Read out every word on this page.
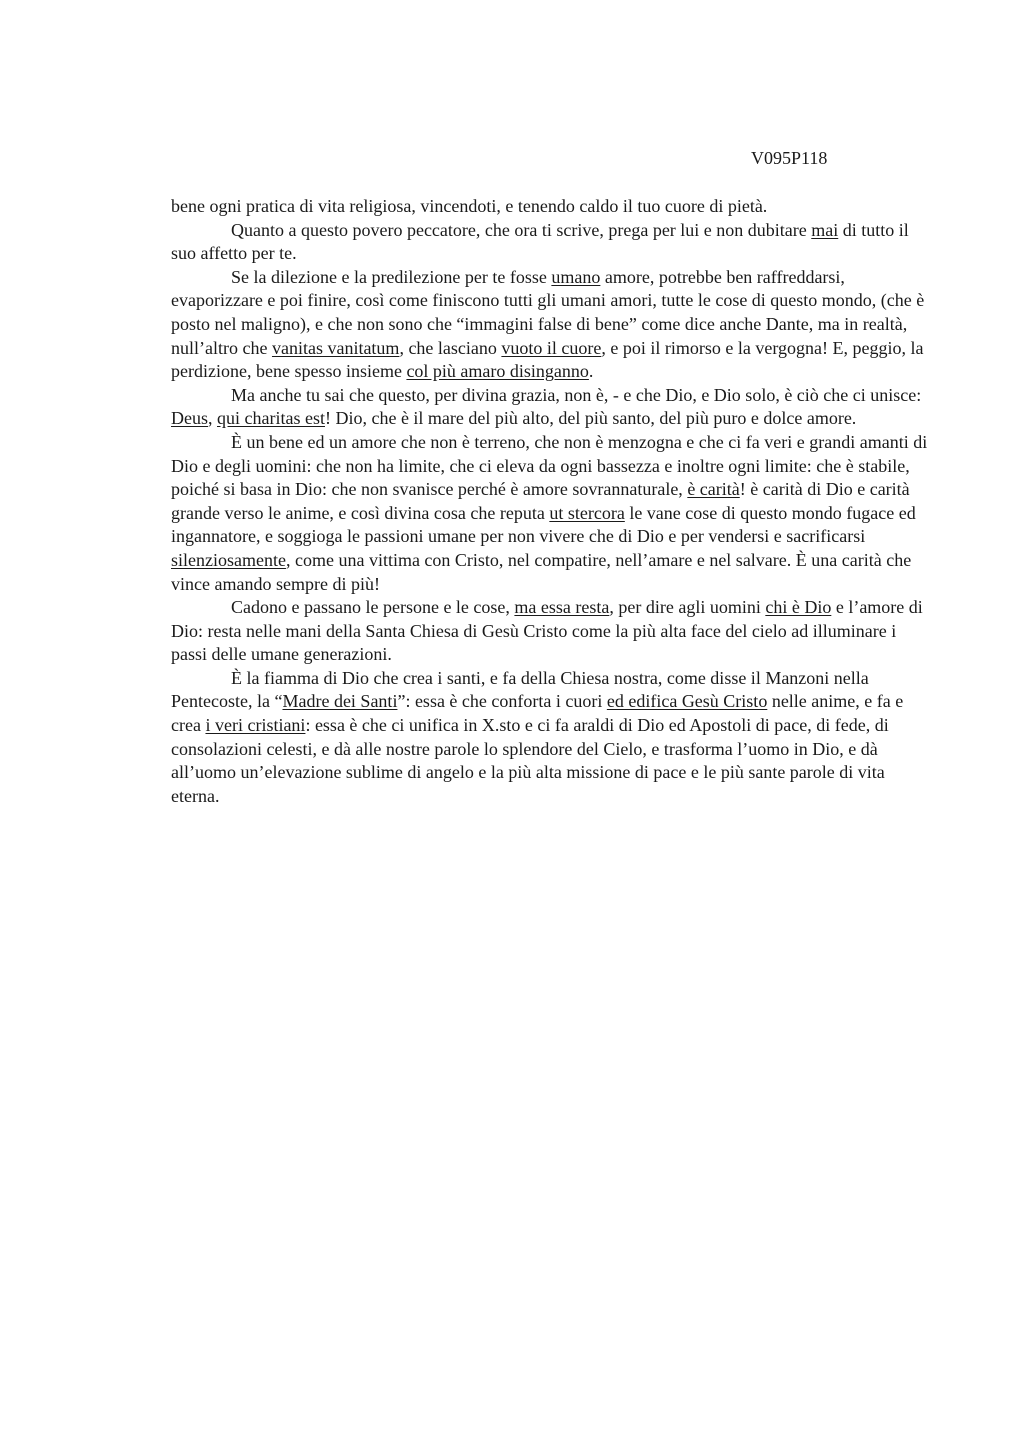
V095P118

bene ogni pratica di vita religiosa, vincendoti, e tenendo caldo il tuo cuore di pietà.

Quanto a questo povero peccatore, che ora ti scrive, prega per lui e non dubitare mai di tutto il suo affetto per te.

Se la dilezione e la predilezione per te fosse umano amore, potrebbe ben raffreddarsi, evaporizzare e poi finire, così come finiscono tutti gli umani amori, tutte le cose di questo mondo, (che è posto nel maligno), e che non sono che “immagini false di bene” come dice anche Dante, ma in realtà, null’altro che vanitas vanitatum, che lasciano vuoto il cuore, e poi il rimorso e la vergogna! E, peggio, la perdizione, bene spesso insieme col più amaro disinganno.

Ma anche tu sai che questo, per divina grazia, non è, - e che Dio, e Dio solo, è ciò che ci unisce: Deus, qui charitas est! Dio, che è il mare del più alto, del più santo, del più puro e dolce amore.

È un bene ed un amore che non è terreno, che non è menzogna e che ci fa veri e grandi amanti di Dio e degli uomini: che non ha limite, che ci eleva da ogni bassezza e inoltre ogni limite: che è stabile, poiché si basa in Dio: che non svanisce perché è amore sovrannaturale, è carità! è carità di Dio e carità grande verso le anime, e così divina cosa che reputa ut stercora le vane cose di questo mondo fugace ed ingannatore, e soggioga le passioni umane per non vivere che di Dio e per vendersi e sacrificarsi silenziosamente, come una vittima con Cristo, nel compatire, nell’amare e nel salvare. È una carità che vince amando sempre di più!

Cadono e passano le persone e le cose, ma essa resta, per dire agli uomini chi è Dio e l’amore di Dio: resta nelle mani della Santa Chiesa di Gesù Cristo come la più alta face del cielo ad illuminare i passi delle umane generazioni.

È la fiamma di Dio che crea i santi, e fa della Chiesa nostra, come disse il Manzoni nella Pentecoste, la “Madre dei Santi”: essa è che conforta i cuori ed edifica Gesù Cristo nelle anime, e fa e crea i veri cristiani: essa è che ci unifica in X.sto e ci fa araldi di Dio ed Apostoli di pace, di fede, di consolazioni celesti, e dà alle nostre parole lo splendore del Cielo, e trasforma l’uomo in Dio, e dà all’uomo un’elevazione sublime di angelo e la più alta missione di pace e le più sante parole di vita eterna.
